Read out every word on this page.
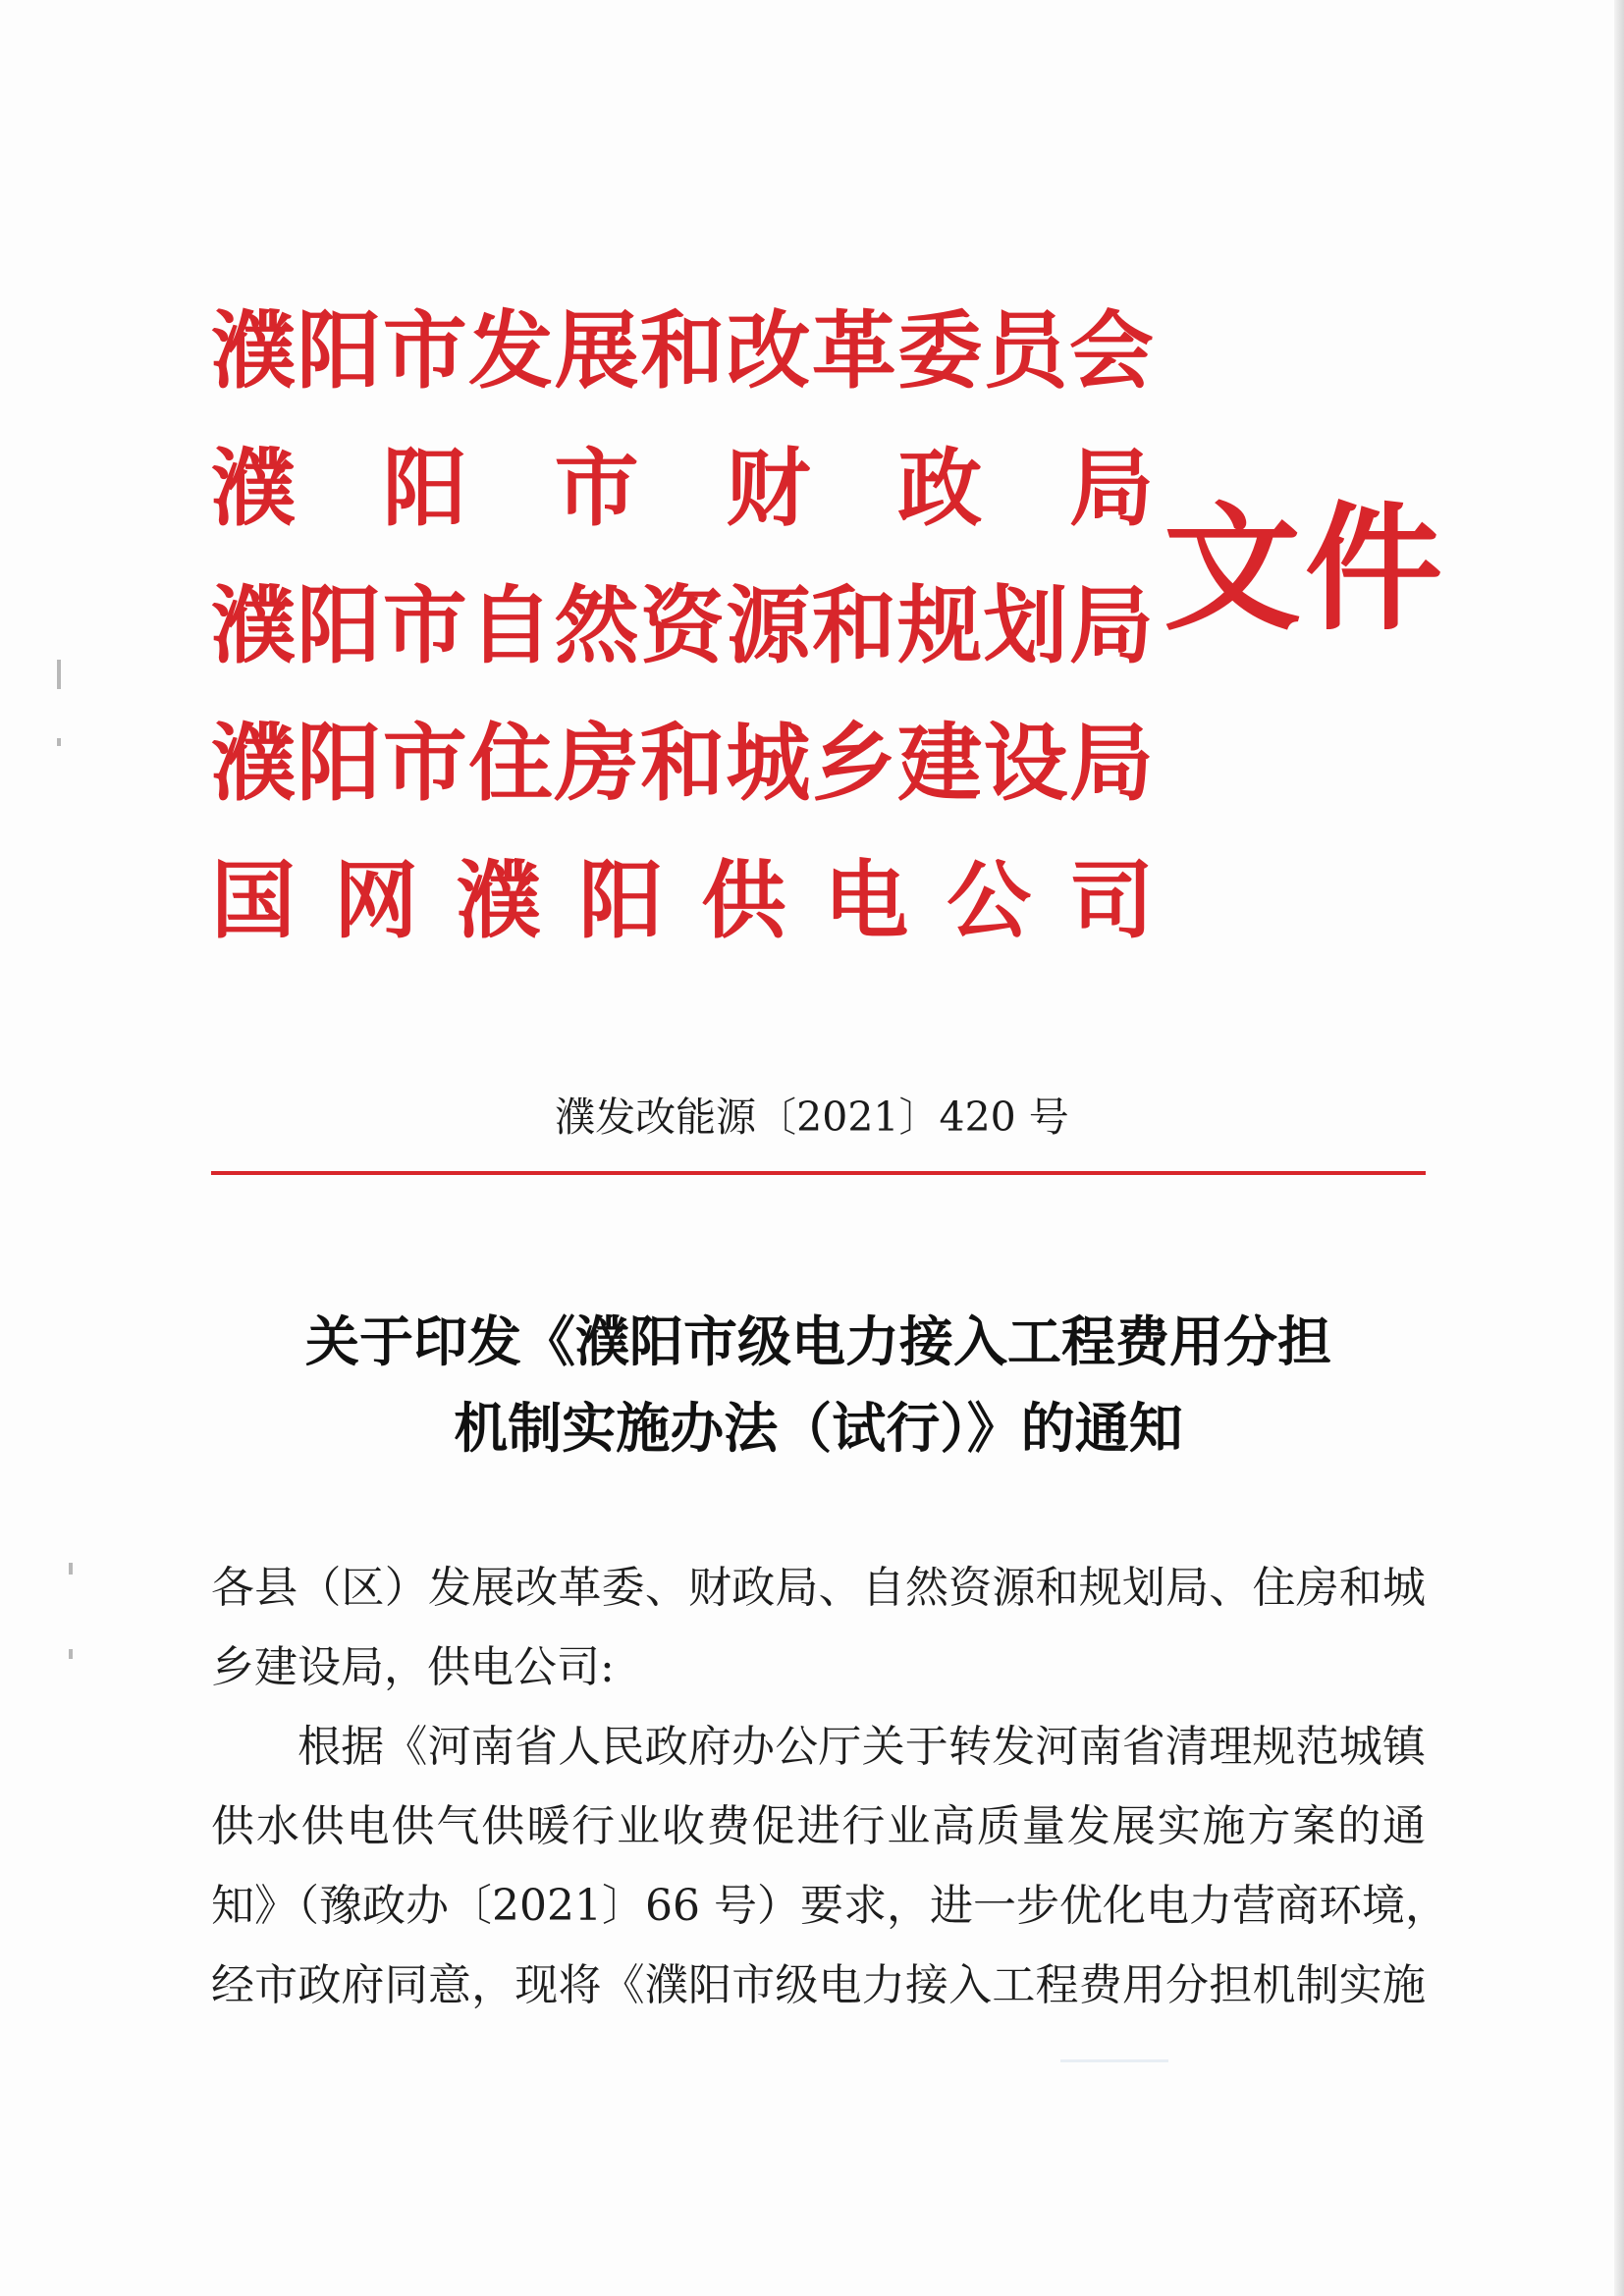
濮 阳 市 发 展 和 改 革 委 员 会
濮 阳 市 财 政 局
濮 阳 市 自 然 资 源 和 规 划 局
濮 阳 市 住 房 和 城 乡 建 设 局
国 网 濮 阳 供 电 公 司
文件
濮发改能源〔2021〕420 号
关于印发《濮阳市级电力接入工程费用分担
机制实施办法（试行）》的通知
各县（区）发展改革委、财政局、自然资源和规划局、住房和城
乡建设局，供电公司:
根据《河南省人民政府办公厅关于转发河南省清理规范城镇
供水供电供气供暖行业收费促进行业高质量发展实施方案的通
知》（豫政办〔2021〕66 号）要求，进一步优化电力营商环境，
经市政府同意，现将《濮阳市级电力接入工程费用分担机制实施
